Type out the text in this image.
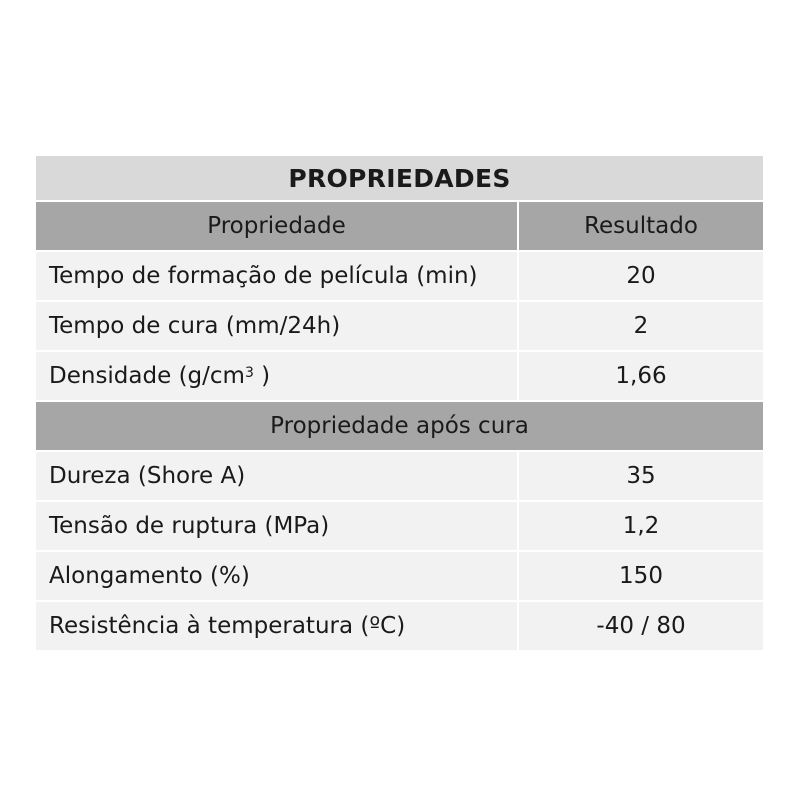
PROPRIEDADES
Propriedade	Resultado
Tempo de formação de película (min)	20
Tempo de cura (mm/24h)	2
Densidade ($g/cm^3$ )	1,66
Propriedade após cura
Dureza (Shore A)	35
Tensão de ruptura (MPa)	1,2
Alongamento (%)	150
Resistência à temperatura (ºC)	-40 / 80
